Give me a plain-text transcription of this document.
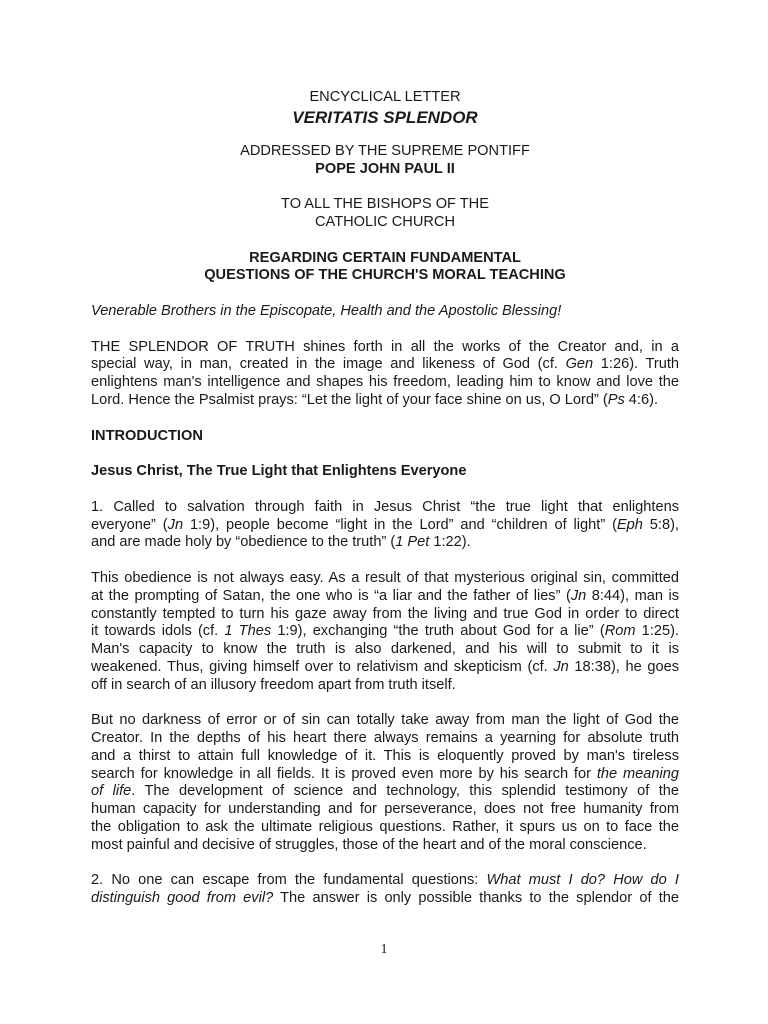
ENCYCLICAL LETTER
VERITATIS SPLENDOR
ADDRESSED BY THE SUPREME PONTIFF
POPE JOHN PAUL II
TO ALL THE BISHOPS OF THE
CATHOLIC CHURCH
REGARDING CERTAIN FUNDAMENTAL
QUESTIONS OF THE CHURCH'S MORAL TEACHING
Venerable Brothers in the Episcopate, Health and the Apostolic Blessing!
THE SPLENDOR OF TRUTH shines forth in all the works of the Creator and, in a
special way, in man, created in the image and likeness of God (cf. Gen 1:26). Truth
enlightens man's intelligence and shapes his freedom, leading him to know and love the
Lord. Hence the Psalmist prays: “Let the light of your face shine on us, O Lord” (Ps 4:6).
INTRODUCTION
Jesus Christ, The True Light that Enlightens Everyone
1. Called to salvation through faith in Jesus Christ “the true light that enlightens
everyone” (Jn 1:9), people become “light in the Lord” and “children of light” (Eph 5:8),
and are made holy by “obedience to the truth” (1 Pet 1:22).
This obedience is not always easy. As a result of that mysterious original sin, committed
at the prompting of Satan, the one who is “a liar and the father of lies” (Jn 8:44), man is
constantly tempted to turn his gaze away from the living and true God in order to direct
it towards idols (cf. 1 Thes 1:9), exchanging “the truth about God for a lie” (Rom 1:25).
Man's capacity to know the truth is also darkened, and his will to submit to it is
weakened. Thus, giving himself over to relativism and skepticism (cf. Jn 18:38), he goes
off in search of an illusory freedom apart from truth itself.
But no darkness of error or of sin can totally take away from man the light of God the
Creator. In the depths of his heart there always remains a yearning for absolute truth
and a thirst to attain full knowledge of it. This is eloquently proved by man's tireless
search for knowledge in all fields. It is proved even more by his search for the meaning
of life. The development of science and technology, this splendid testimony of the
human capacity for understanding and for perseverance, does not free humanity from
the obligation to ask the ultimate religious questions. Rather, it spurs us on to face the
most painful and decisive of struggles, those of the heart and of the moral conscience.
2. No one can escape from the fundamental questions: What must I do? How do I
distinguish good from evil? The answer is only possible thanks to the splendor of the
1
